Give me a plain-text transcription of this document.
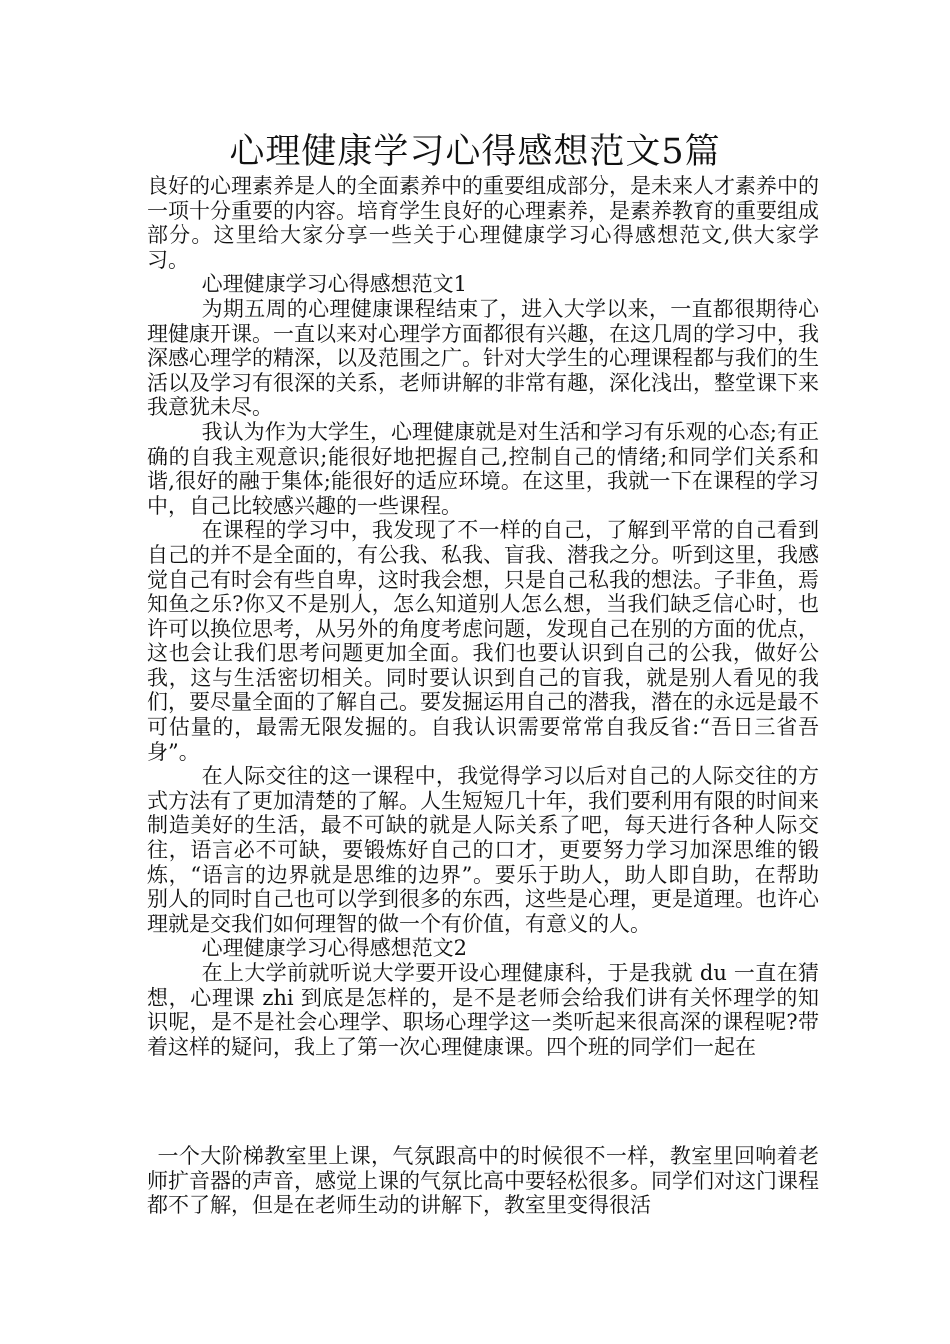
心理健康学习心得感想范文5篇

良好的心理素养是人的全面素养中的重要组成部分，是未来人才素养中的一项十分重要的内容。培育学生良好的心理素养，是素养教育的重要组成部分。这里给大家分享一些关于心理健康学习心得感想范文,供大家学习。

心理健康学习心得感想范文1

为期五周的心理健康课程结束了，进入大学以来，一直都很期待心理健康开课。一直以来对心理学方面都很有兴趣，在这几周的学习中，我深感心理学的精深，以及范围之广。针对大学生的心理课程都与我们的生活以及学习有很深的关系，老师讲解的非常有趣，深化浅出，整堂课下来我意犹未尽。

我认为作为大学生，心理健康就是对生活和学习有乐观的心态;有正确的自我主观意识;能很好地把握自己,控制自己的情绪;和同学们关系和谐,很好的融于集体;能很好的适应环境。在这里，我就一下在课程的学习中，自己比较感兴趣的一些课程。

在课程的学习中，我发现了不一样的自己，了解到平常的自己看到自己的并不是全面的，有公我、私我、盲我、潜我之分。听到这里，我感觉自己有时会有些自卑，这时我会想，只是自己私我的想法。子非鱼，焉知鱼之乐?你又不是别人，怎么知道别人怎么想，当我们缺乏信心时，也许可以换位思考，从另外的角度考虑问题，发现自己在别的方面的优点，这也会让我们思考问题更加全面。我们也要认识到自己的公我，做好公我，这与生活密切相关。同时要认识到自己的盲我，就是别人看见的我们，要尽量全面的了解自己。要发掘运用自己的潜我，潜在的永远是最不可估量的，最需无限发掘的。自我认识需要常常自我反省:“吾日三省吾身”。

在人际交往的这一课程中，我觉得学习以后对自己的人际交往的方式方法有了更加清楚的了解。人生短短几十年，我们要利用有限的时间来制造美好的生活，最不可缺的就是人际关系了吧，每天进行各种人际交往，语言必不可缺，要锻炼好自己的口才，更要努力学习加深思维的锻炼，“语言的边界就是思维的边界”。要乐于助人，助人即自助，在帮助别人的同时自己也可以学到很多的东西，这些是心理，更是道理。也许心理就是交我们如何理智的做一个有价值，有意义的人。

心理健康学习心得感想范文2

在上大学前就听说大学要开设心理健康科，于是我就 du 一直在猜想，心理课 zhi 到底是怎样的，是不是老师会给我们讲有关怀理学的知识呢，是不是社会心理学、职场心理学这一类听起来很高深的课程呢?带着这样的疑问，我上了第一次心理健康课。四个班的同学们一起在

一个大阶梯教室里上课，气氛跟高中的时候很不一样，教室里回响着老师扩音器的声音，感觉上课的气氛比高中要轻松很多。同学们对这门课程都不了解，但是在老师生动的讲解下，教室里变得很活
